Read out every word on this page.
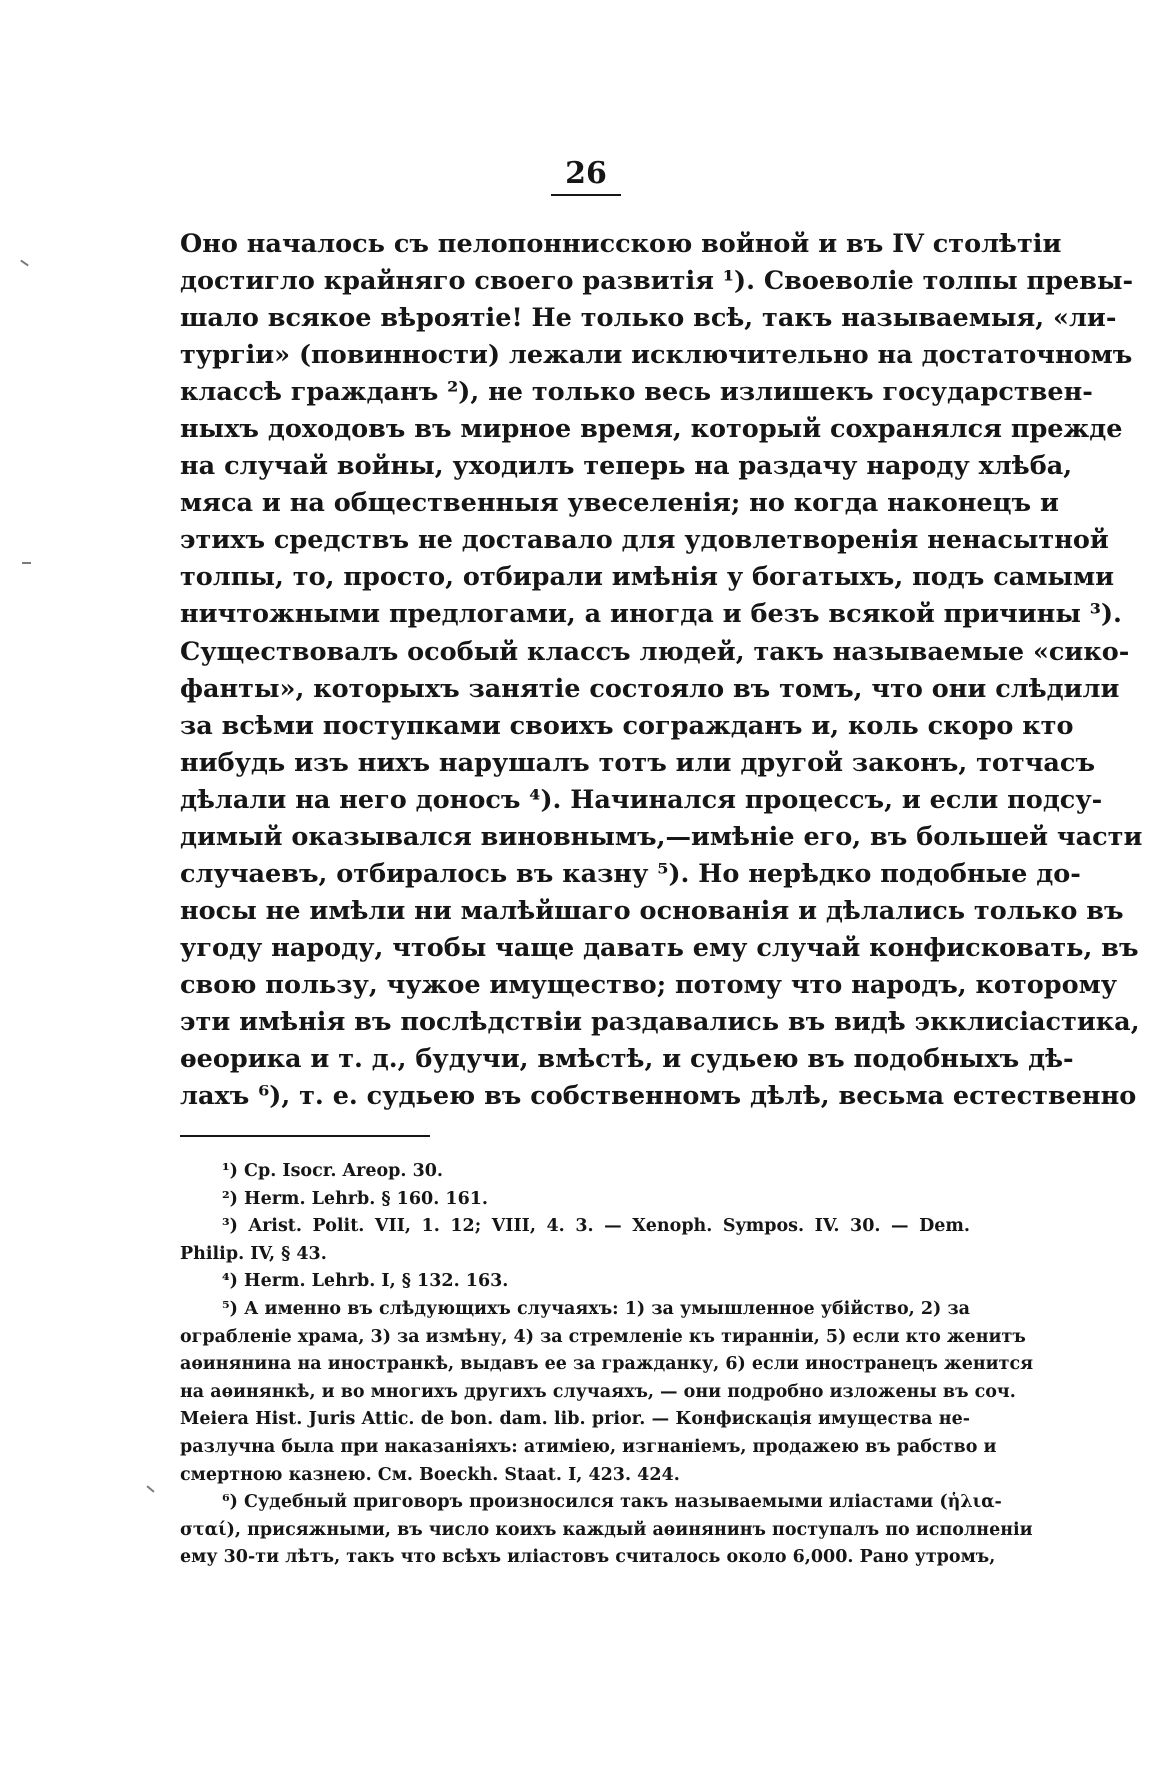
26
Оно началось съ пелопоннисскою войной и въ IV столѣтіи
достигло крайняго своего развитія ¹). Своеволіе толпы превы-
шало всякое вѣроятіе! Не только всѣ, такъ называемыя, «ли-
тургіи» (повинности) лежали исключительно на достаточномъ
классѣ гражданъ ²), не только весь излишекъ государствен-
ныхъ доходовъ въ мирное время, который сохранялся прежде
на случай войны, уходилъ теперь на раздачу народу хлѣба,
мяса и на общественныя увеселенія; но когда наконецъ и
этихъ средствъ не доставало для удовлетворенія ненасытной
толпы, то, просто, отбирали имѣнія у богатыхъ, подъ самыми
ничтожными предлогами, а иногда и безъ всякой причины ³).
Существовалъ особый классъ людей, такъ называемые «сико-
фанты», которыхъ занятіе состояло въ томъ, что они слѣдили
за всѣми поступками своихъ согражданъ и, коль скоро кто
нибудь изъ нихъ нарушалъ тотъ или другой законъ, тотчасъ
дѣлали на него доносъ ⁴). Начинался процессъ, и если подсу-
димый оказывался виновнымъ,—имѣніе его, въ большей части
случаевъ, отбиралось въ казну ⁵). Но нерѣдко подобные до-
носы не имѣли ни малѣйшаго основанія и дѣлались только въ
угоду народу, чтобы чаще давать ему случай конфисковать, въ
свою пользу, чужое имущество; потому что народъ, которому
эти имѣнія въ послѣдствіи раздавались въ видѣ экклисіастика,
ѳеорика и т. д., будучи, вмѣстѣ, и судьею въ подобныхъ дѣ-
лахъ ⁶), т. е. судьею въ собственномъ дѣлѣ, весьма естественно
¹) Cp. Isocr. Areop. 30.
²) Herm. Lehrb. § 160. 161.
³) Arist. Polit. VII, 1. 12; VIII, 4. 3. — Xenoph. Sympos. IV. 30. — Dem.
Philip. IV, § 43.
⁴) Herm. Lehrb. I, § 132. 163.
⁵) А именно въ слѣдующихъ случаяхъ: 1) за умышленное убійство, 2) за
ограбленіе храма, 3) за измѣну, 4) за стремленіе къ тиранніи, 5) если кто женитъ
аѳинянина на иностранкѣ, выдавъ ее за гражданку, 6) если иностранецъ женится
на аѳинянкѣ, и во многихъ другихъ случаяхъ, — они подробно изложены въ соч.
Meiera Hist. Juris Attic. de bon. dam. lib. prior. — Конфискація имущества не-
разлучна была при наказаніяхъ: атиміею, изгнаніемъ, продажею въ рабство и
смертною казнею. См. Boeckh. Staat. I, 423. 424.
⁶) Судебный приговоръ произносился такъ называемыми иліастами (ἡλια-
σταί), присяжными, въ число коихъ каждый аѳинянинъ поступалъ по исполненіи
ему 30-ти лѣтъ, такъ что всѣхъ иліастовъ считалось около 6,000. Рано утромъ,
